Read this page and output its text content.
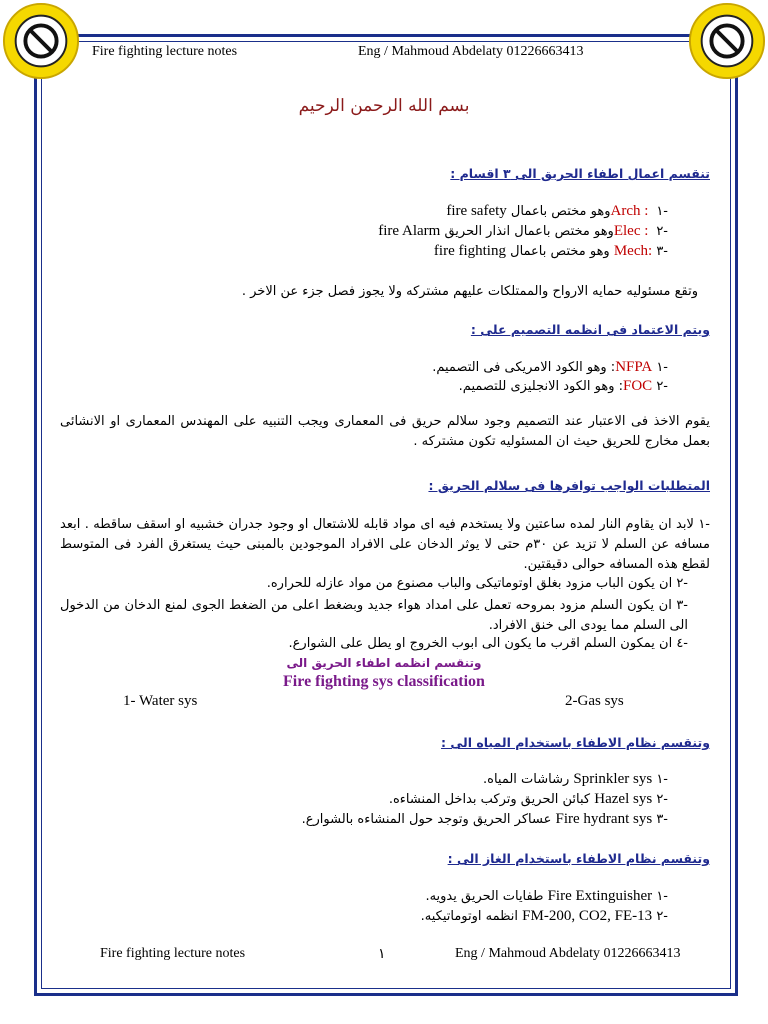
Fire fighting lecture notes	Eng / Mahmoud Abdelaty 01226663413
بسم الله الرحمن الرحيم
تنقسم اعمال اطفاء الحريق الى ٣ اقسام :
-١ Arch : وهو مختص باعمال fire safety
-٢ Elec : وهو مختص باعمال انذار الحريق fire Alarm
-٣ Mech: وهو مختص باعمال fire fighting
وتقع مسئوليه حمايه الارواح والممتلكات عليهم مشتركه ولا يجوز فصل جزء عن الاخر .
ويتم الاعتماد فى انظمه التصميم على :
-١ NFPA: وهو الكود الامريكى فى التصميم.
-٢ FOC: وهو الكود الانجليزى للتصميم.
يقوم الاخذ فى الاعتبار عند التصميم وجود سلالم حريق فى المعمارى ويجب التنبيه على المهندس المعمارى او الانشائى بعمل مخارج للحريق حيث ان المسئوليه تكون مشتركه .
المتطلبات الواجب توافرها فى سلالم الحريق :
-١ لابد ان يقاوم النار لمده ساعتين ولا يستخدم فيه اى مواد قابله للاشتعال او وجود جدران خشبيه او اسقف ساقطه . ابعد مسافه عن السلم لا تزيد عن ٣٠م حتى لا يوثر الدخان على الافراد الموجودين بالمبنى حيث يستغرق الفرد فى المتوسط لقطع هذه المسافه حوالى دقيقتين.
-٢ ان يكون الباب مزود بغلق اوتوماتيكى والباب مصنوع من مواد عازله للحراره.
-٣ ان يكون السلم مزود بمروحه تعمل على امداد هواء جديد وبضغط اعلى من الضغط الجوى لمنع الدخان من الدخول الى السلم مما يودى الى خنق الافراد.
-٤ ان يمكون السلم اقرب ما يكون الى ابوب الخروج او يطل على الشوارع.
وتنقسم انظمه اطفاء الحريق الى
Fire fighting sys classification
1- Water sys	2-Gas sys
وتنقسم نظام الاطفاء باستخدام المياه الى :
-١ Sprinkler sys رشاشات المياه.
-٢ Hazel sys كبائن الحريق وتركب بداخل المنشاءه.
-٣ Fire hydrant sys عساكر الحريق وتوجد حول المنشاءه بالشوارع.
وتنقسم نظام الاطفاء باستخدام الغاز الى :
-١ Fire Extinguisher طفايات الحريق يدويه.
-٢ FM-200, CO2, FE-13 انظمه اوتوماتيكيه.
Fire fighting lecture notes	١	Eng / Mahmoud Abdelaty 01226663413
